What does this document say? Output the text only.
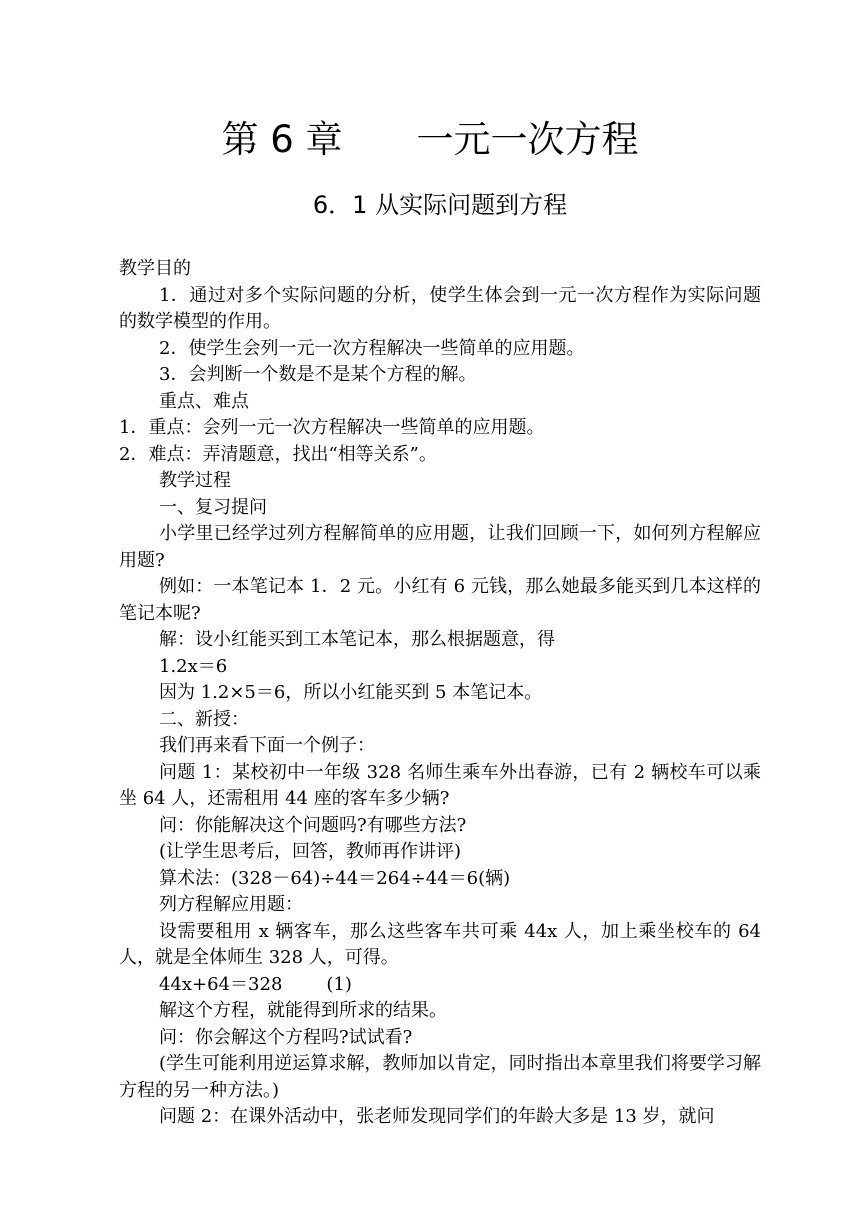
第 6 章　　一元一次方程
6．1 从实际问题到方程

教学目的

1．通过对多个实际问题的分析，使学生体会到一元一次方程作为实际问题的数学模型的作用。

2．使学生会列一元一次方程解决一些简单的应用题。

3．会判断一个数是不是某个方程的解。

重点、难点

1．重点：会列一元一次方程解决一些简单的应用题。

2．难点：弄清题意，找出“相等关系”。

教学过程

一、复习提问

小学里已经学过列方程解简单的应用题，让我们回顾一下，如何列方程解应用题?

例如：一本笔记本 1．2 元。小红有 6 元钱，那么她最多能买到几本这样的笔记本呢?

解：设小红能买到工本笔记本，那么根据题意，得

1.2x＝6

因为 1.2×5＝6，所以小红能买到 5 本笔记本。

二、新授：

我们再来看下面一个例子：

问题 1：某校初中一年级 328 名师生乘车外出春游，已有 2 辆校车可以乘坐 64 人，还需租用 44 座的客车多少辆?

问：你能解决这个问题吗?有哪些方法?

(让学生思考后，回答，教师再作讲评)

算术法：(328－64)÷44＝264÷44＝6(辆)

列方程解应用题：

设需要租用 x 辆客车，那么这些客车共可乘 44x 人，加上乘坐校车的 64 人，就是全体师生 328 人，可得。

44x+64＝328 (1)

解这个方程，就能得到所求的结果。

问：你会解这个方程吗?试试看?

(学生可能利用逆运算求解，教师加以肯定，同时指出本章里我们将要学习解方程的另一种方法。)

问题 2：在课外活动中，张老师发现同学们的年龄大多是 13 岁，就问
